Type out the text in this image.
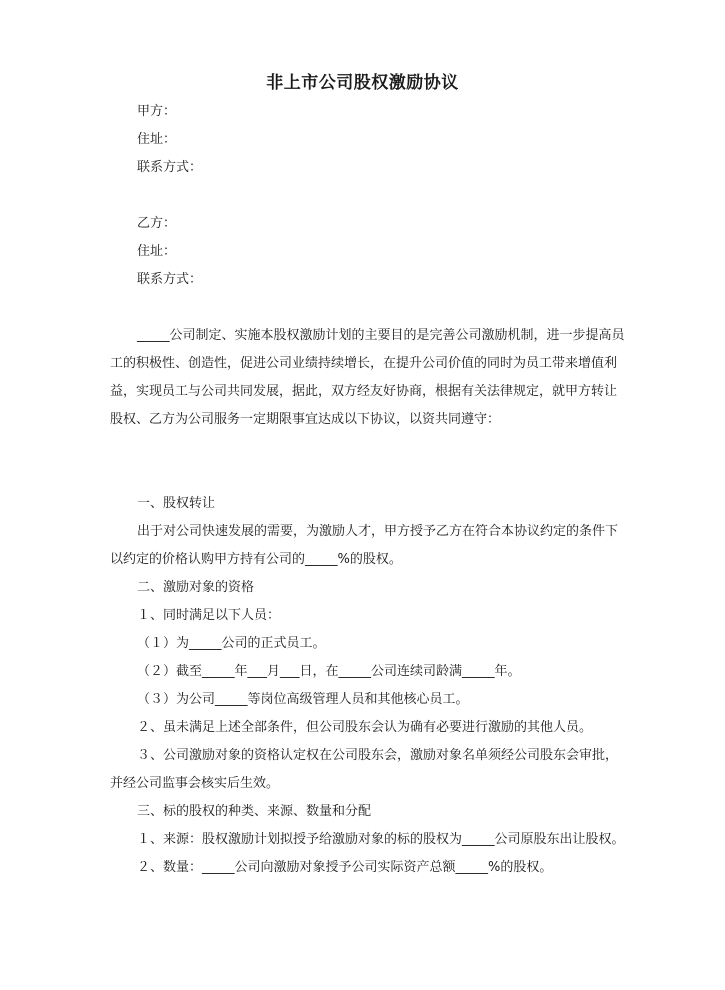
非上市公司股权激励协议
甲方：
住址：
联系方式：
乙方：
住址：
联系方式：
_____公司制定、实施本股权激励计划的主要目的是完善公司激励机制，进一步提高员
工的积极性、创造性，促进公司业绩持续增长，在提升公司价值的同时为员工带来增值利
益，实现员工与公司共同发展，据此，双方经友好协商，根据有关法律规定，就甲方转让
股权、乙方为公司服务一定期限事宜达成以下协议，以资共同遵守：
一、股权转让
出于对公司快速发展的需要，为激励人才，甲方授予乙方在符合本协议约定的条件下
以约定的价格认购甲方持有公司的_____%的股权。
二、激励对象的资格
１、同时满足以下人员：
（１）为_____公司的正式员工。
（２）截至_____年___月___日，在_____公司连续司龄满_____年。
（３）为公司_____等岗位高级管理人员和其他核心员工。
２、虽未满足上述全部条件，但公司股东会认为确有必要进行激励的其他人员。
３、公司激励对象的资格认定权在公司股东会，激励对象名单须经公司股东会审批，
并经公司监事会核实后生效。
三、标的股权的种类、来源、数量和分配
１、来源：股权激励计划拟授予给激励对象的标的股权为_____公司原股东出让股权。
２、数量：_____公司向激励对象授予公司实际资产总额_____%的股权。
